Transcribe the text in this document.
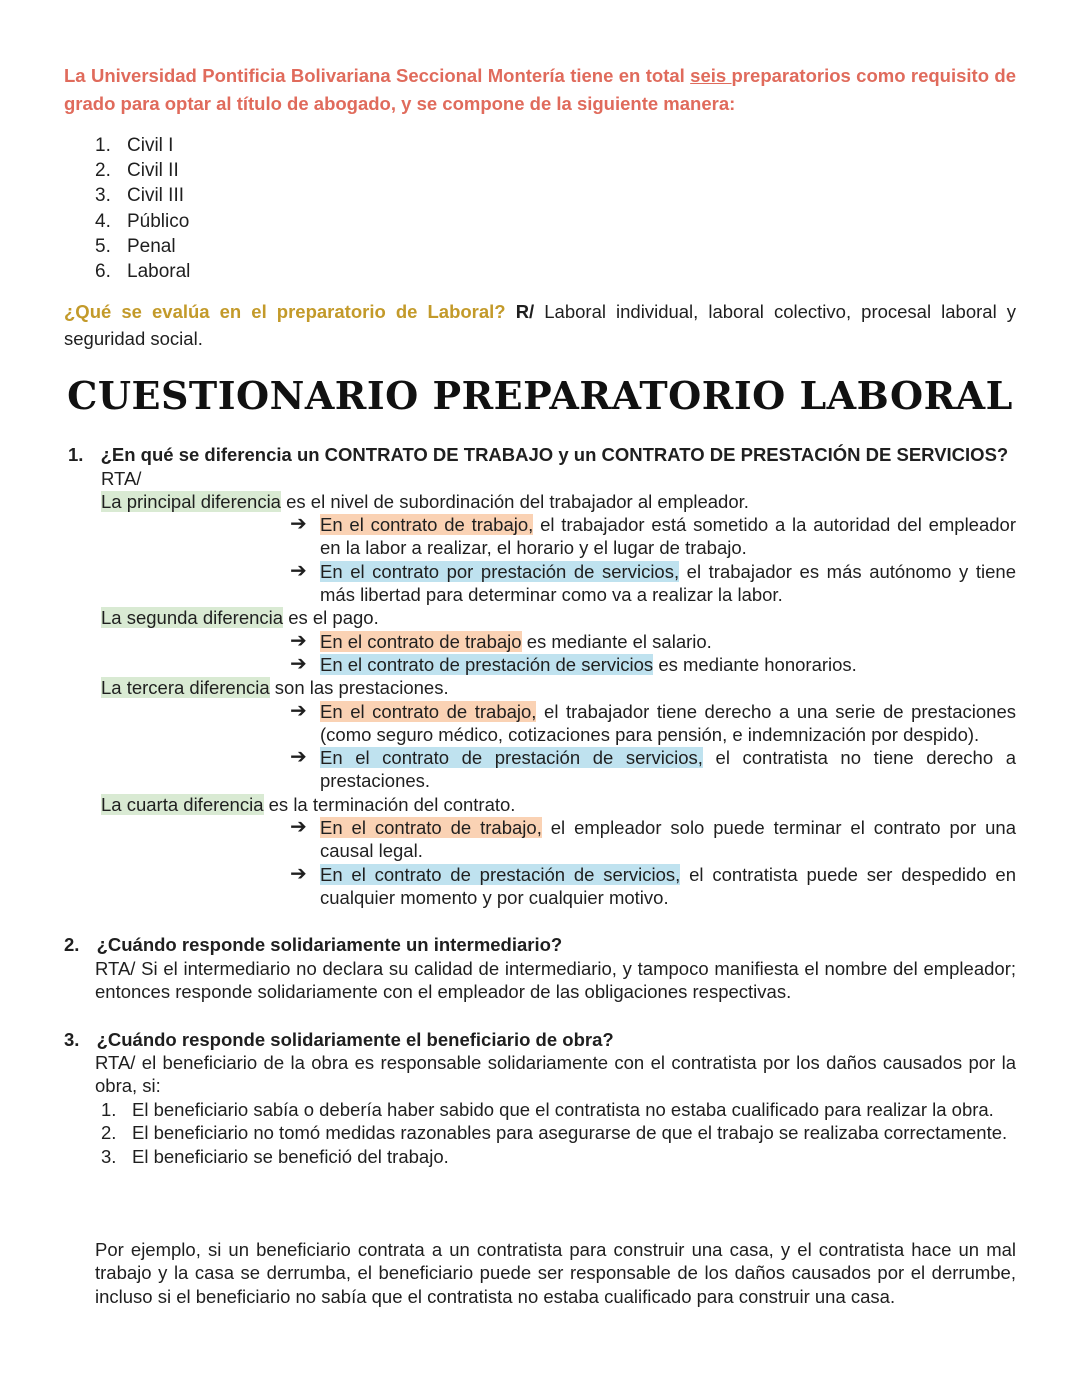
La Universidad Pontificia Bolivariana Seccional Montería tiene en total seis preparatorios como requisito de grado para optar al título de abogado, y se compone de la siguiente manera:
1. Civil I
2. Civil II
3. Civil III
4. Público
5. Penal
6. Laboral
¿Qué se evalúa en el preparatorio de Laboral? R/ Laboral individual, laboral colectivo, procesal laboral y seguridad social.
CUESTIONARIO PREPARATORIO LABORAL
1. ¿En qué se diferencia un CONTRATO DE TRABAJO y un CONTRATO DE PRESTACIÓN DE SERVICIOS?
RTA/
La principal diferencia es el nivel de subordinación del trabajador al empleador.
➔ En el contrato de trabajo, el trabajador está sometido a la autoridad del empleador en la labor a realizar, el horario y el lugar de trabajo.
➔ En el contrato por prestación de servicios, el trabajador es más autónomo y tiene más libertad para determinar como va a realizar la labor.
La segunda diferencia es el pago.
➔ En el contrato de trabajo es mediante el salario.
➔ En el contrato de prestación de servicios es mediante honorarios.
La tercera diferencia son las prestaciones.
➔ En el contrato de trabajo, el trabajador tiene derecho a una serie de prestaciones (como seguro médico, cotizaciones para pensión, e indemnización por despido).
➔ En el contrato de prestación de servicios, el contratista no tiene derecho a prestaciones.
La cuarta diferencia es la terminación del contrato.
➔ En el contrato de trabajo, el empleador solo puede terminar el contrato por una causal legal.
➔ En el contrato de prestación de servicios, el contratista puede ser despedido en cualquier momento y por cualquier motivo.
2. ¿Cuándo responde solidariamente un intermediario?
RTA/ Si el intermediario no declara su calidad de intermediario, y tampoco manifiesta el nombre del empleador; entonces responde solidariamente con el empleador de las obligaciones respectivas.
3. ¿Cuándo responde solidariamente el beneficiario de obra?
RTA/ el beneficiario de la obra es responsable solidariamente con el contratista por los daños causados por la obra, si:
1. El beneficiario sabía o debería haber sabido que el contratista no estaba cualificado para realizar la obra.
2. El beneficiario no tomó medidas razonables para asegurarse de que el trabajo se realizaba correctamente.
3. El beneficiario se benefició del trabajo.
Por ejemplo, si un beneficiario contrata a un contratista para construir una casa, y el contratista hace un mal trabajo y la casa se derrumba, el beneficiario puede ser responsable de los daños causados por el derrumbe, incluso si el beneficiario no sabía que el contratista no estaba cualificado para construir una casa.
